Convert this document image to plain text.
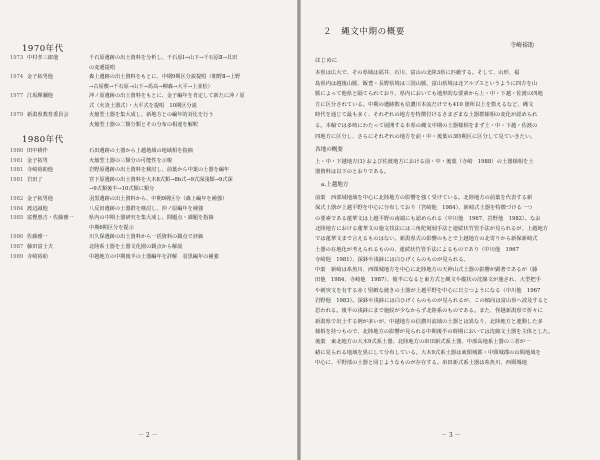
1970年代
1973 中村孝三郎他	千石原遺跡の出土資料を分析し、千石原Ⅰ→山下→千石原Ⅱ→貝田
の変遷提唱
1974 金子拓男他	森上遺跡の出土資料をもとに、中期9期区分説提唱（朝野Ⅱ→上野
→古屋敷→千石原→山下→馬高→柳森→大平→上並松）
1977 江坂輝彌他	沖ノ原遺跡の出土資料をもとに、金子編年を肯定して新たに沖ノ原
式（火炎土器式）・大平式を提唱　10期区分説
1979 新潟県教育委員会	火焔型土器を集大成し、新地方との編年的対比を行う
火焔型土器の二類分類とその分布の相違を解釈
1980年代
1980 田中耕作	石田遺跡の土器から上越地域の地域相を指摘
1981 金子拓男	火焔型土器の三類分の可能性を示唆
1981 寺崎裕助他	岩野原遺跡の出土資料を検討し、前葉から中葉の土器を編年
1981 岩田了	宮下原遺跡の出土資料を大木8式類→8b式→9式深浅類→9式深
→9式類後半→10式類に類分
1982 金子拓男他	羽黒遺跡の出土資料から、中期9期区分（森上編年を補強）
1984 渡辺誠他	八反田遺跡の土器群を検討し、沖ノ原編年を補強
1985 富樫惠吉・佐藤雅一	県内の中期土器研究を集大成し、問題点・課題を指摘
中期6期区分を提示
1986 佐藤雅一	川久保遺跡の出土資料から一括資料の観点で評価
1987 藤田富士夫	北陸系土器を土器文化圏の観点から解説
1989 寺崎裕助	中越地方の中期後半の土器編年を詳解　羽黒編年の補強
－ 2 －
２　縄文中期の概要
寺崎裕助
はじめに
本県は広大で、その県域は福井、石川、富山の北陸3県に匹敵する。そして、山形、福
島県内は越後山脈、飯豊・長野県境は三国山脈、富山県境は北アルプスというように四方を山
脈によって他県と隔てられており、県内においても地形的な要素から上・中・下越・佐渡の四地
方に区分されている。中期の遺跡数も信濃川本流だけでも410 箇所以上を数えるなど、縄文
時代を通じて最も多く、それぞれの地方を特徴付けるさまざまな土器群様相の変化が認められ
る。本稿では多岐にわたって展開する本県の縄文中期の土器様相をまず上・中・下越・佐渡の
四地方に区分し、さらにそれぞれの地方を前・中・後葉の3時期区に区分して見ていきたい。
各地の概要
上・中・下越地方(1) および佐渡地方における前・中・後葉（寺崎　1988）の土器様相を土
器資料は以下のとおりである。
a.上越地方
前葉　西部域地域を中心に北陸地方の影響を強く受けている。北陸地方の前葉を代表する新
保式土器が上越平野を中心に分布しており（宮崎他　1984）、新崎式土器を特徴づける一つ
の要素である蓮華文は上越平野の南端にも認められる（中川他　1967、岩野他　1982）。なお
北陸地方における蓮華文の施文技法には三角陀刻刻手法と連続状竹管手法が見られるが、上越地方
では蓮華文まで言えるものはない。新潟県式の影響のもとで上越地方の北寄りから新保新崎式
土器の在地化が考えられるものの、連続状竹管手法によるものであり（中川他　1967
寺崎他　1981）、深鉢や浅鉢には白ひげくらのものが見られる。
中葉　新崎は糸魚川、西頸城地方を中心に北陸地方の天神山式土器の影響が顕著であるが（藤
田他　1984、寺崎他　1987）、後半になると東方式と縄文や縦状の沈線文が施され、大型把手
や刺突文を有する赤く堅緻な焼きの土器が上越平野を中心に日立つようになる（中川他　1967
岩野他　1983）。深鉢や浅鉢には白ひげくらのものが見られるが、この傾向は富山県へ波及すると
思われる。後半の浅鉢にまで施紋が少なからず北陸系のものである。また、怪越新潟県で折々に
新潟県で出土する例が多いが、中越地方の信濃川流域の土器とは異なり、北陸地方と連動した多
様相を持つもので、北陸地方の影響が見られる中期後半の時期においては沈線文土器を主体とした。
後葉　東北地方の大木9式系土器、北陸地方の串田新式系土器、中部高地系土器の三者が一
緒に見られる地域を異にして分布している。大木9式系土器は東頸城郡・中頸城郡の山間地域を
中心に、平野部の土器と同じようなものが存在する。串田新式系土器は糸魚川、西頸城地
－ 3 －
